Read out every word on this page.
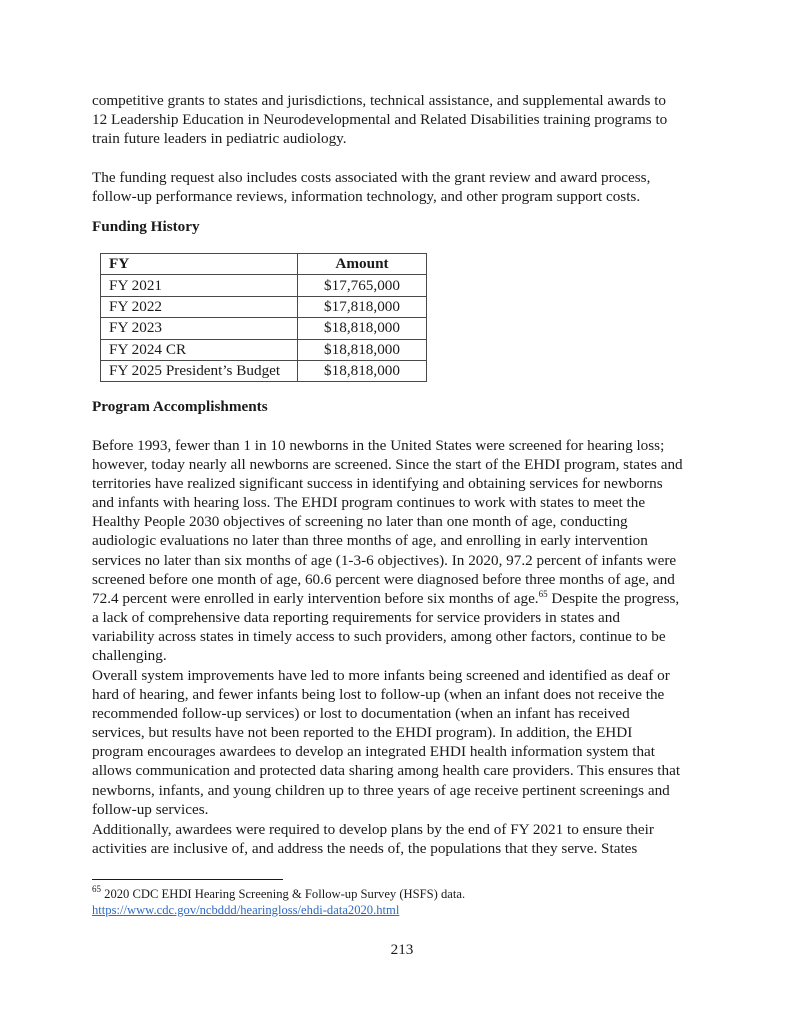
competitive grants to states and jurisdictions, technical assistance, and supplemental awards to
12 Leadership Education in Neurodevelopmental and Related Disabilities training programs to
train future leaders in pediatric audiology.

The funding request also includes costs associated with the grant review and award process,
follow-up performance reviews, information technology, and other program support costs.

Funding History
FY	Amount
FY 2021	$17,765,000
FY 2022	$17,818,000
FY 2023	$18,818,000
FY 2024 CR	$18,818,000
FY 2025 President’s Budget	$18,818,000
Program Accomplishments

Before 1993, fewer than 1 in 10 newborns in the United States were screened for hearing loss;
however, today nearly all newborns are screened. Since the start of the EHDI program, states and
territories have realized significant success in identifying and obtaining services for newborns
and infants with hearing loss. The EHDI program continues to work with states to meet the
Healthy People 2030 objectives of screening no later than one month of age, conducting
audiologic evaluations no later than three months of age, and enrolling in early intervention
services no later than six months of age (1-3-6 objectives). In 2020, 97.2 percent of infants were
screened before one month of age, 60.6 percent were diagnosed before three months of age, and
72.4 percent were enrolled in early intervention before six months of age.$^{65}$ Despite the progress,
a lack of comprehensive data reporting requirements for service providers in states and
variability across states in timely access to such providers, among other factors, continue to be
challenging.

Overall system improvements have led to more infants being screened and identified as deaf or
hard of hearing, and fewer infants being lost to follow-up (when an infant does not receive the
recommended follow-up services) or lost to documentation (when an infant has received
services, but results have not been reported to the EHDI program). In addition, the EHDI
program encourages awardees to develop an integrated EHDI health information system that
allows communication and protected data sharing among health care providers. This ensures that
newborns, infants, and young children up to three years of age receive pertinent screenings and
follow-up services.

Additionally, awardees were required to develop plans by the end of FY 2021 to ensure their
activities are inclusive of, and address the needs of, the populations that they serve. States

$^{65}$ 2020 CDC EHDI Hearing Screening & Follow-up Survey (HSFS) data.
https://www.cdc.gov/ncbddd/hearingloss/ehdi-data2020.html
213
